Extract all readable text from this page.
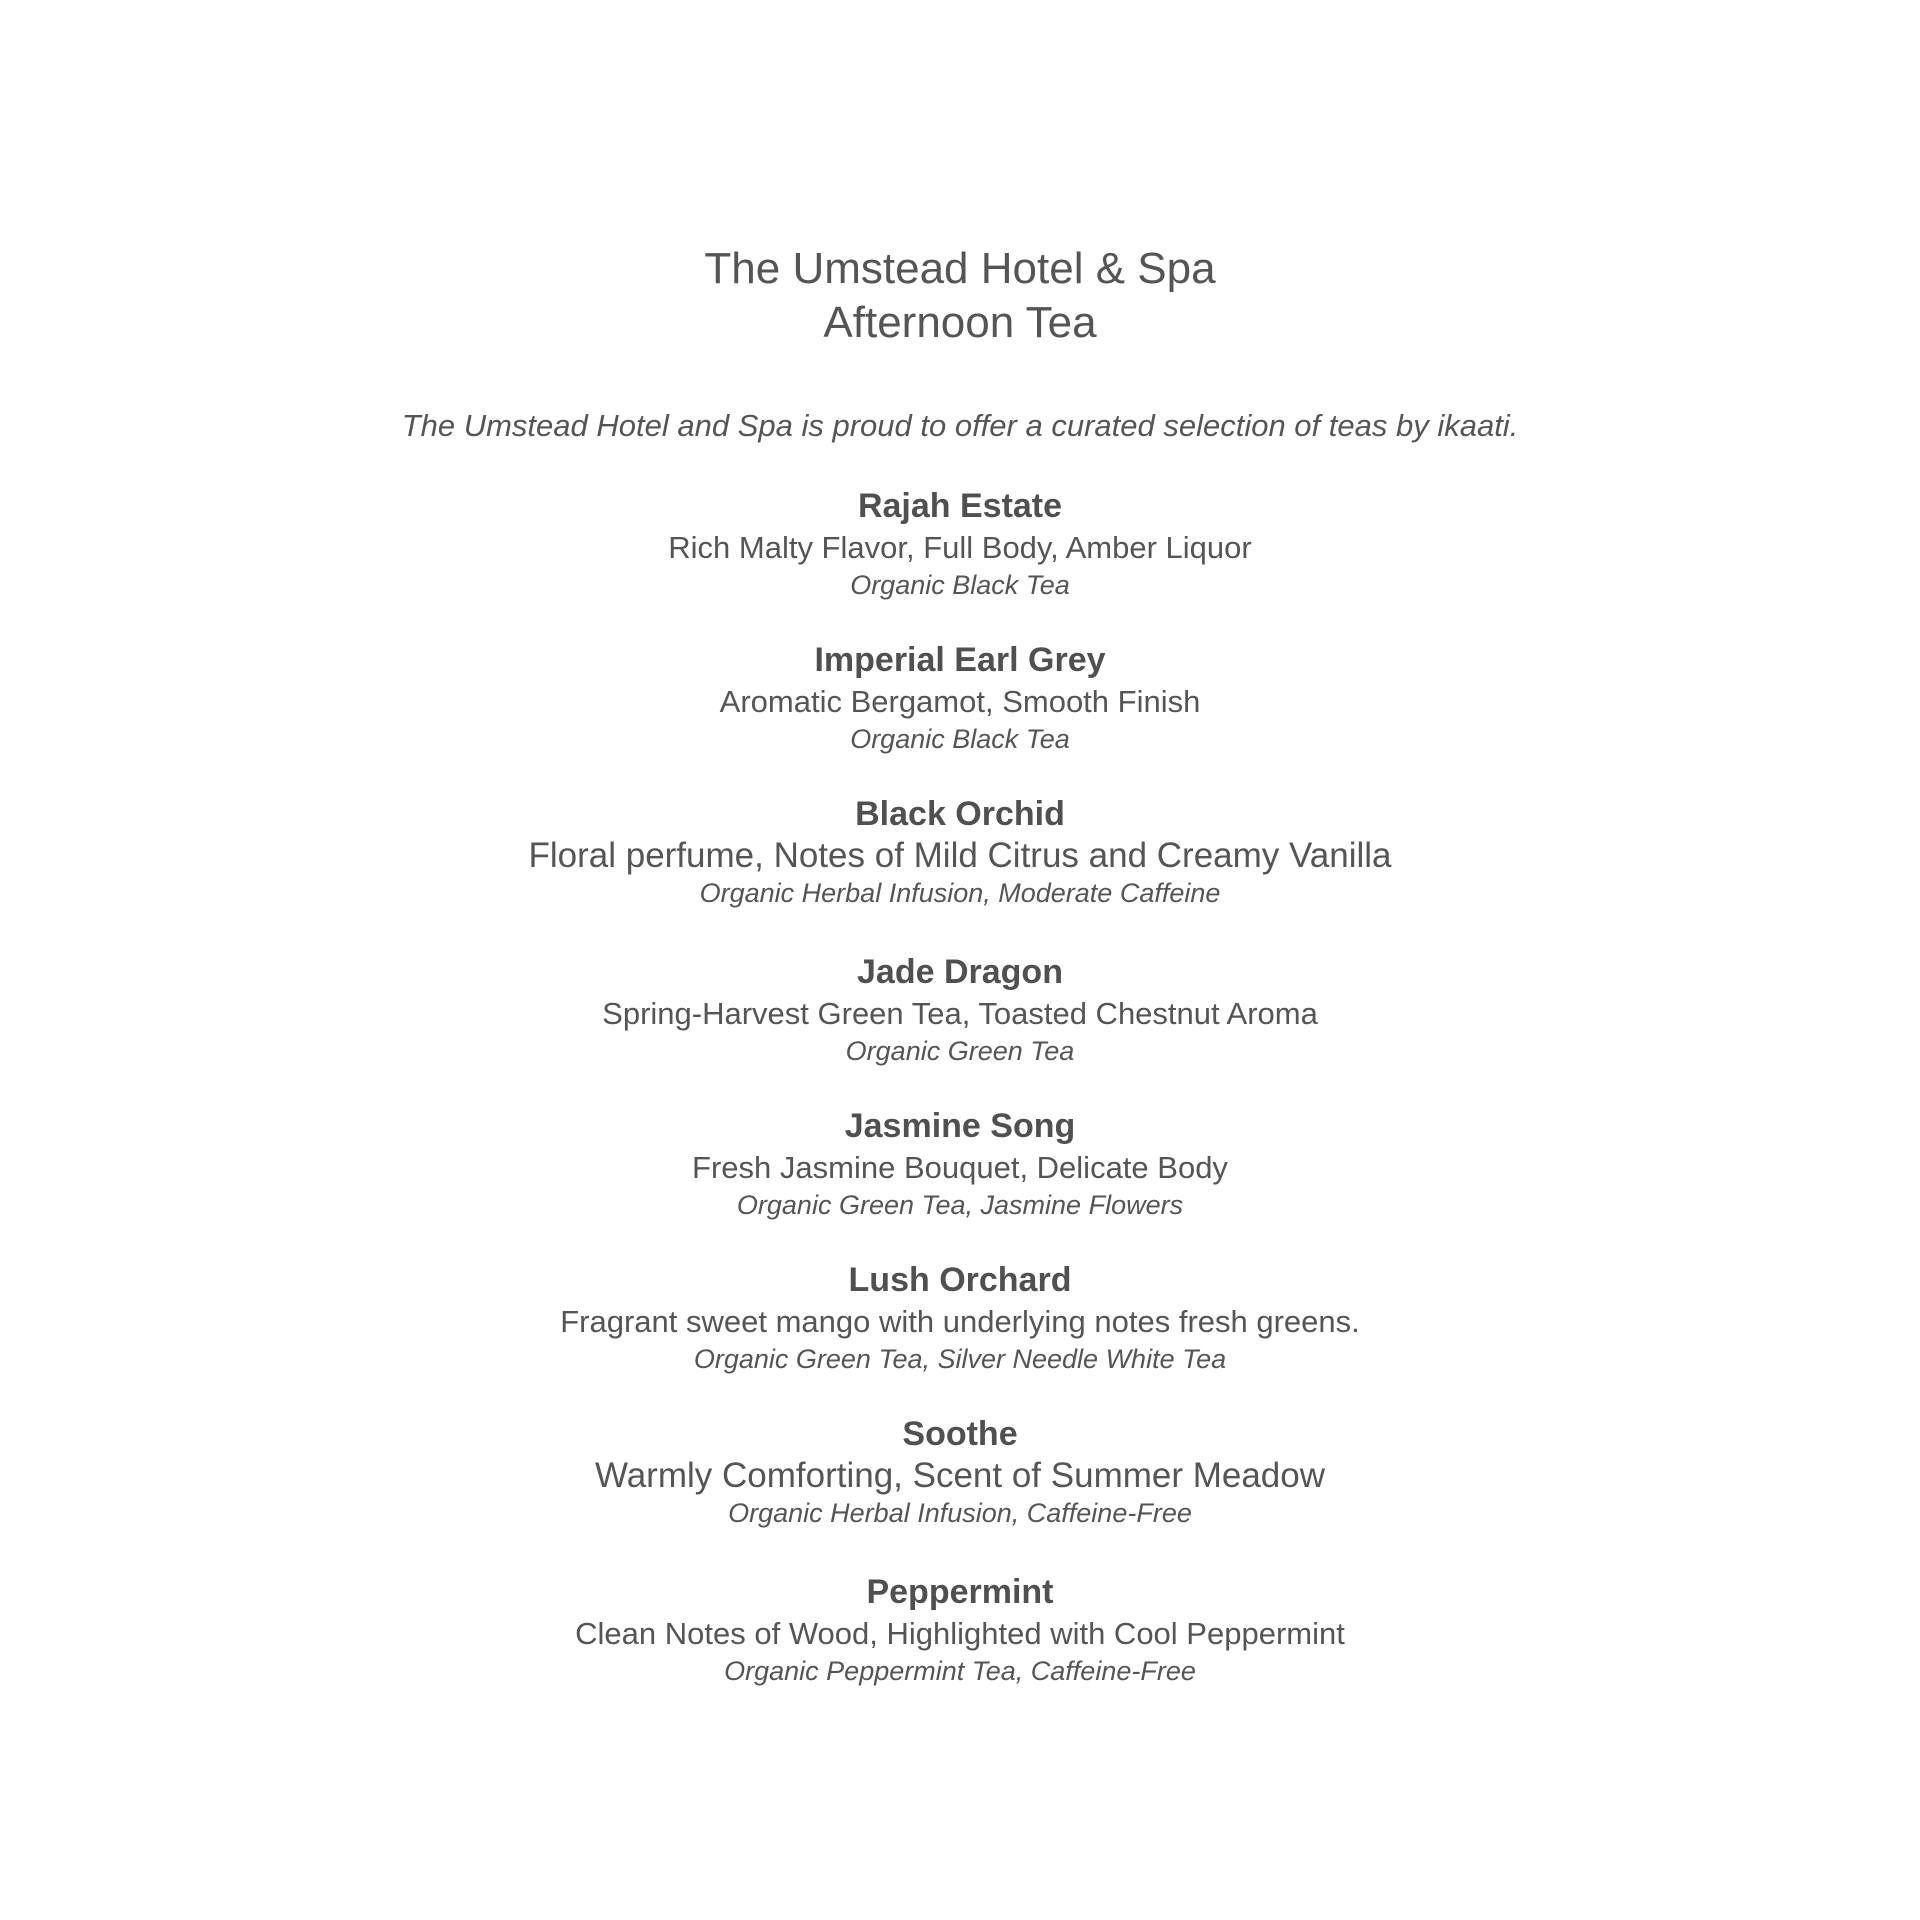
The Umstead Hotel & Spa
Afternoon Tea
The Umstead Hotel and Spa is proud to offer a curated selection of teas by ikaati.
Rajah Estate
Rich Malty Flavor, Full Body, Amber Liquor
Organic Black Tea
Imperial Earl Grey
Aromatic Bergamot, Smooth Finish
Organic Black Tea
Black Orchid
Floral perfume, Notes of Mild Citrus and Creamy Vanilla
Organic Herbal Infusion, Moderate Caffeine
Jade Dragon
Spring-Harvest Green Tea, Toasted Chestnut Aroma
Organic Green Tea
Jasmine Song
Fresh Jasmine Bouquet, Delicate Body
Organic Green Tea, Jasmine Flowers
Lush Orchard
Fragrant sweet mango with underlying notes fresh greens.
Organic Green Tea, Silver Needle White Tea
Soothe
Warmly Comforting, Scent of Summer Meadow
Organic Herbal Infusion, Caffeine-Free
Peppermint
Clean Notes of Wood, Highlighted with Cool Peppermint
Organic Peppermint Tea, Caffeine-Free
